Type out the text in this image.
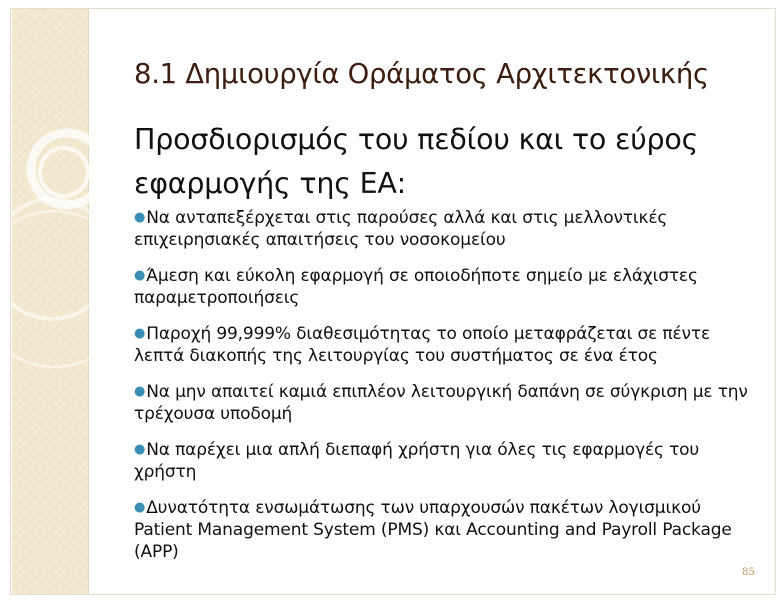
8.1 Δημιουργία Οράματος Αρχιτεκτονικής
Προσδιορισμός του πεδίου και το εύρος εφαρμογής της ΕΑ:
●Να ανταπεξέρχεται στις παρούσες αλλά και στις μελλοντικές επιχειρησιακές απαιτήσεις του νοσοκομείου
●Άμεση και εύκολη εφαρμογή σε οποιοδήποτε σημείο με ελάχιστες παραμετροποιήσεις
●Παροχή 99,999% διαθεσιμότητας το οποίο μεταφράζεται σε πέντε λεπτά διακοπής της λειτουργίας του συστήματος σε ένα έτος
●Να μην απαιτεί καμιά επιπλέον λειτουργική δαπάνη σε σύγκριση με την τρέχουσα υποδομή
●Να παρέχει μια απλή διεπαφή χρήστη για όλες τις εφαρμογές του χρήστη
●Δυνατότητα ενσωμάτωσης των υπαρχουσών πακέτων λογισμικού Patient Management System (PMS) και Accounting and Payroll Package (APP)
85
